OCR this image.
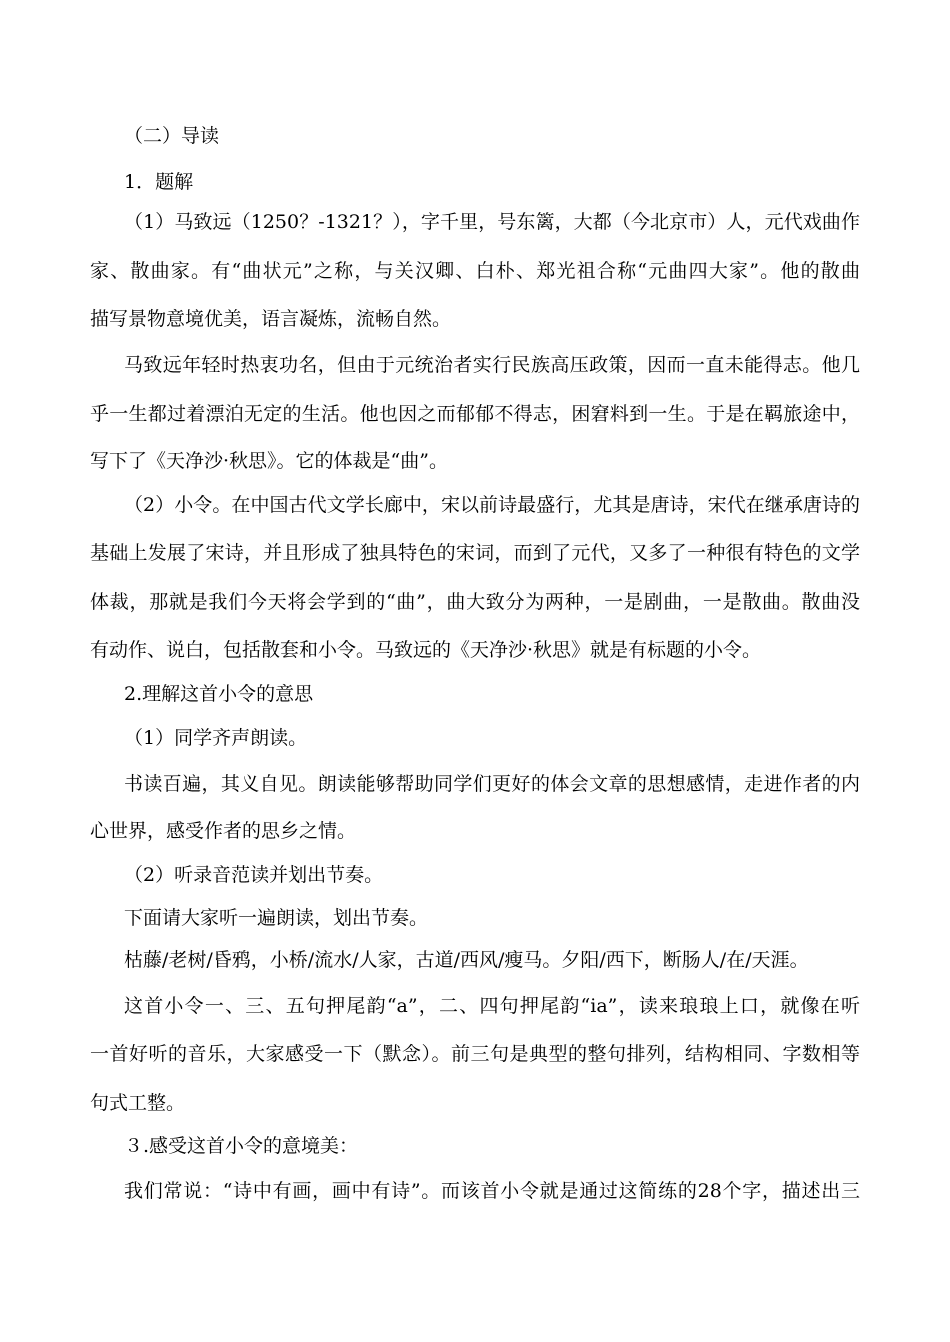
（二）导读
1．题解
（1）马致远（1250？-1321？），字千里，号东篱，大都（今北京市）人，元代戏曲作
家、散曲家。有“曲状元”之称，与关汉卿、白朴、郑光祖合称“元曲四大家”。他的散曲
描写景物意境优美，语言凝炼，流畅自然。
马致远年轻时热衷功名，但由于元统治者实行民族高压政策，因而一直未能得志。他几
乎一生都过着漂泊无定的生活。他也因之而郁郁不得志，困窘料到一生。于是在羁旅途中，
写下了《天净沙·秋思》。它的体裁是“曲”。
（2）小令。在中国古代文学长廊中，宋以前诗最盛行，尤其是唐诗，宋代在继承唐诗的
基础上发展了宋诗，并且形成了独具特色的宋词，而到了元代，又多了一种很有特色的文学
体裁，那就是我们今天将会学到的“曲”，曲大致分为两种，一是剧曲，一是散曲。散曲没
有动作、说白，包括散套和小令。马致远的《天净沙·秋思》就是有标题的小令。
2.理解这首小令的意思
（1）同学齐声朗读。
书读百遍，其义自见。朗读能够帮助同学们更好的体会文章的思想感情，走进作者的内
心世界，感受作者的思乡之情。
（2）听录音范读并划出节奏。
下面请大家听一遍朗读，划出节奏。
枯藤/老树/昏鸦，小桥/流水/人家，古道/西风/瘦马。夕阳/西下，断肠人/在/天涯。
这首小令一、三、五句押尾韵“a”，二、四句押尾韵“ia”，读来琅琅上口，就像在听
一首好听的音乐，大家感受一下（默念）。前三句是典型的整句排列，结构相同、字数相等
句式工整。
３.感受这首小令的意境美：
我们常说：“诗中有画，画中有诗”。而该首小令就是通过这简练的28个字，描述出三
